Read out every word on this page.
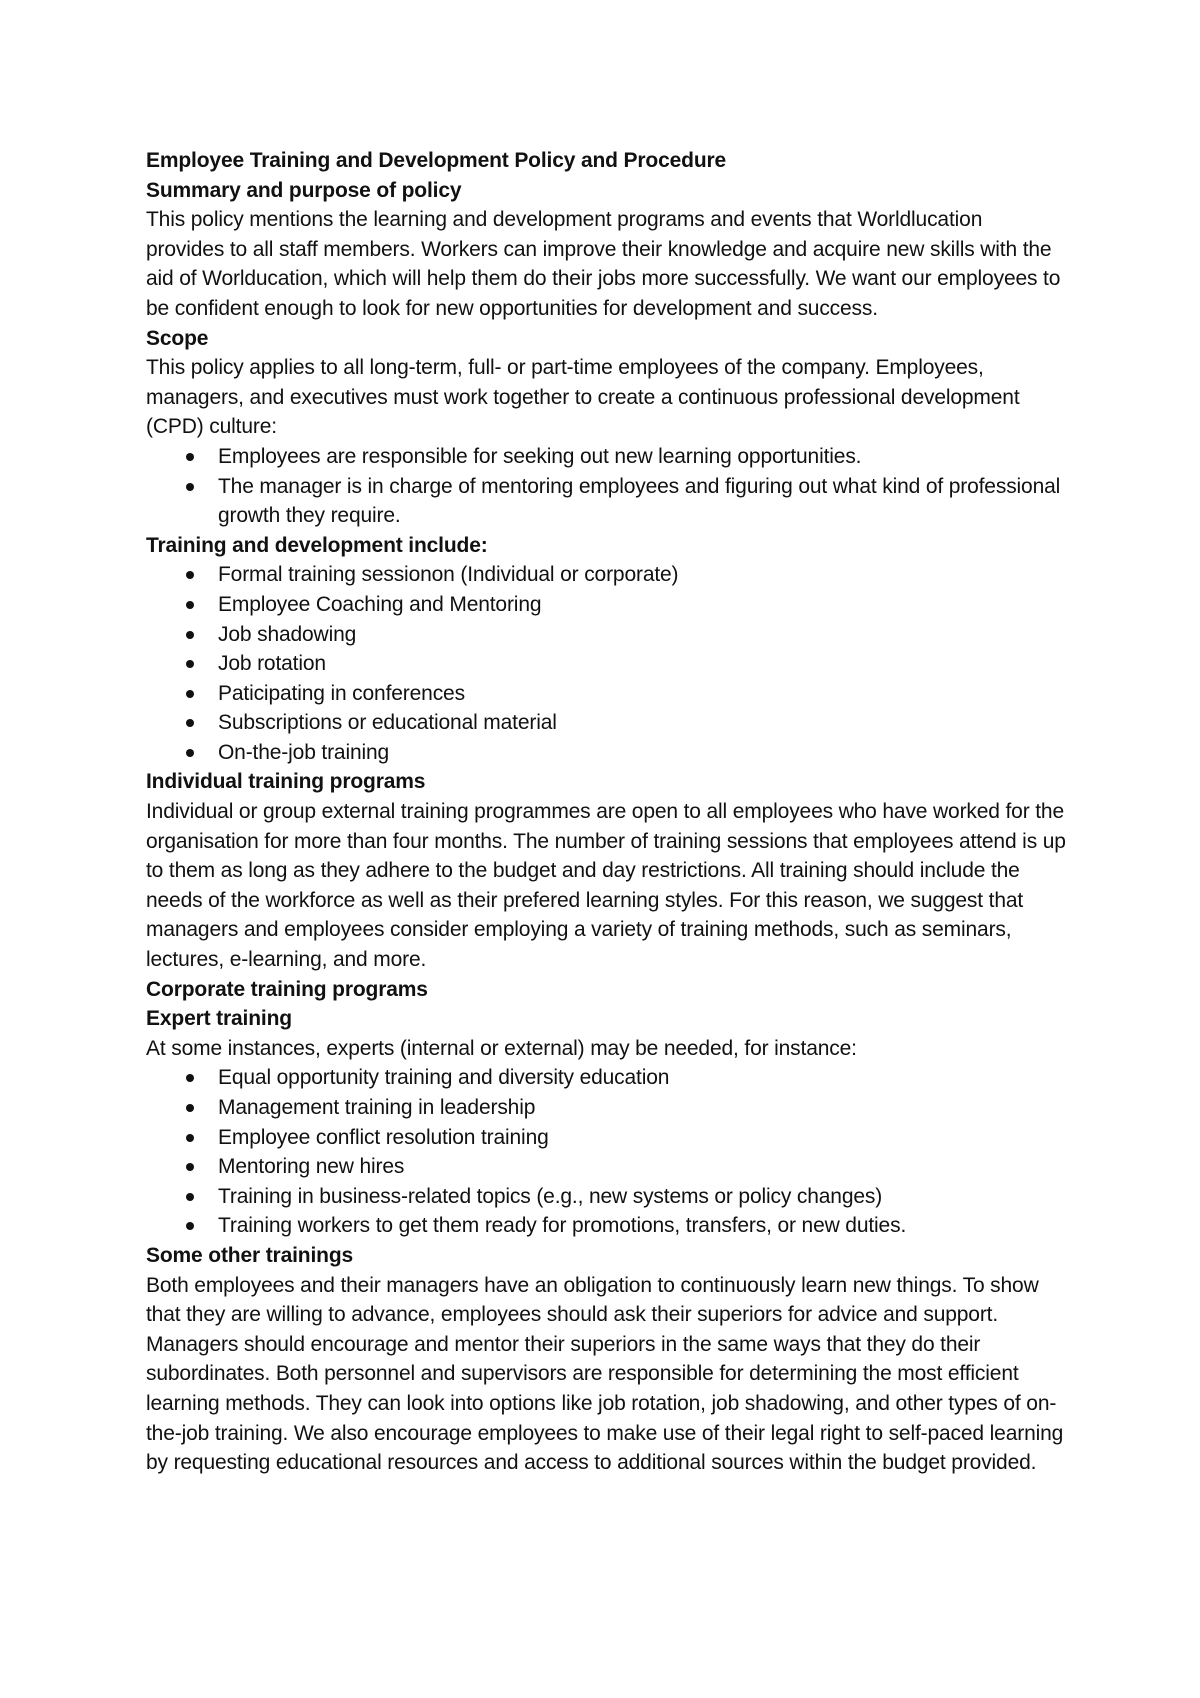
Employee Training and Development Policy and Procedure

Summary and purpose of policy

This policy mentions the learning and development programs and events that Worldlucation provides to all staff members. Workers can improve their knowledge and acquire new skills with the aid of Worlducation, which will help them do their jobs more successfully. We want our employees to be confident enough to look for new opportunities for development and success.

Scope

This policy applies to all long-term, full- or part-time employees of the company. Employees, managers, and executives must work together to create a continuous professional development (CPD) culture:

Employees are responsible for seeking out new learning opportunities.
The manager is in charge of mentoring employees and figuring out what kind of professional growth they require.

Training and development include:

Formal training sessionon (Individual or corporate)
Employee Coaching and Mentoring
Job shadowing
Job rotation
Paticipating in conferences
Subscriptions or educational material
On-the-job training

Individual training programs

Individual or group external training programmes are open to all employees who have worked for the organisation for more than four months. The number of training sessions that employees attend is up to them as long as they adhere to the budget and day restrictions. All training should include the needs of the workforce as well as their prefered learning styles. For this reason, we suggest that managers and employees consider employing a variety of training methods, such as seminars, lectures, e-learning, and more.

Corporate training programs

Expert training

At some instances, experts (internal or external) may be needed, for instance:

Equal opportunity training and diversity education
Management training in leadership
Employee conflict resolution training
Mentoring new hires
Training in business-related topics (e.g., new systems or policy changes)
Training workers to get them ready for promotions, transfers, or new duties.

Some other trainings

Both employees and their managers have an obligation to continuously learn new things. To show that they are willing to advance, employees should ask their superiors for advice and support. Managers should encourage and mentor their superiors in the same ways that they do their subordinates. Both personnel and supervisors are responsible for determining the most efficient learning methods. They can look into options like job rotation, job shadowing, and other types of on-the-job training. We also encourage employees to make use of their legal right to self-paced learning by requesting educational resources and access to additional sources within the budget provided.
